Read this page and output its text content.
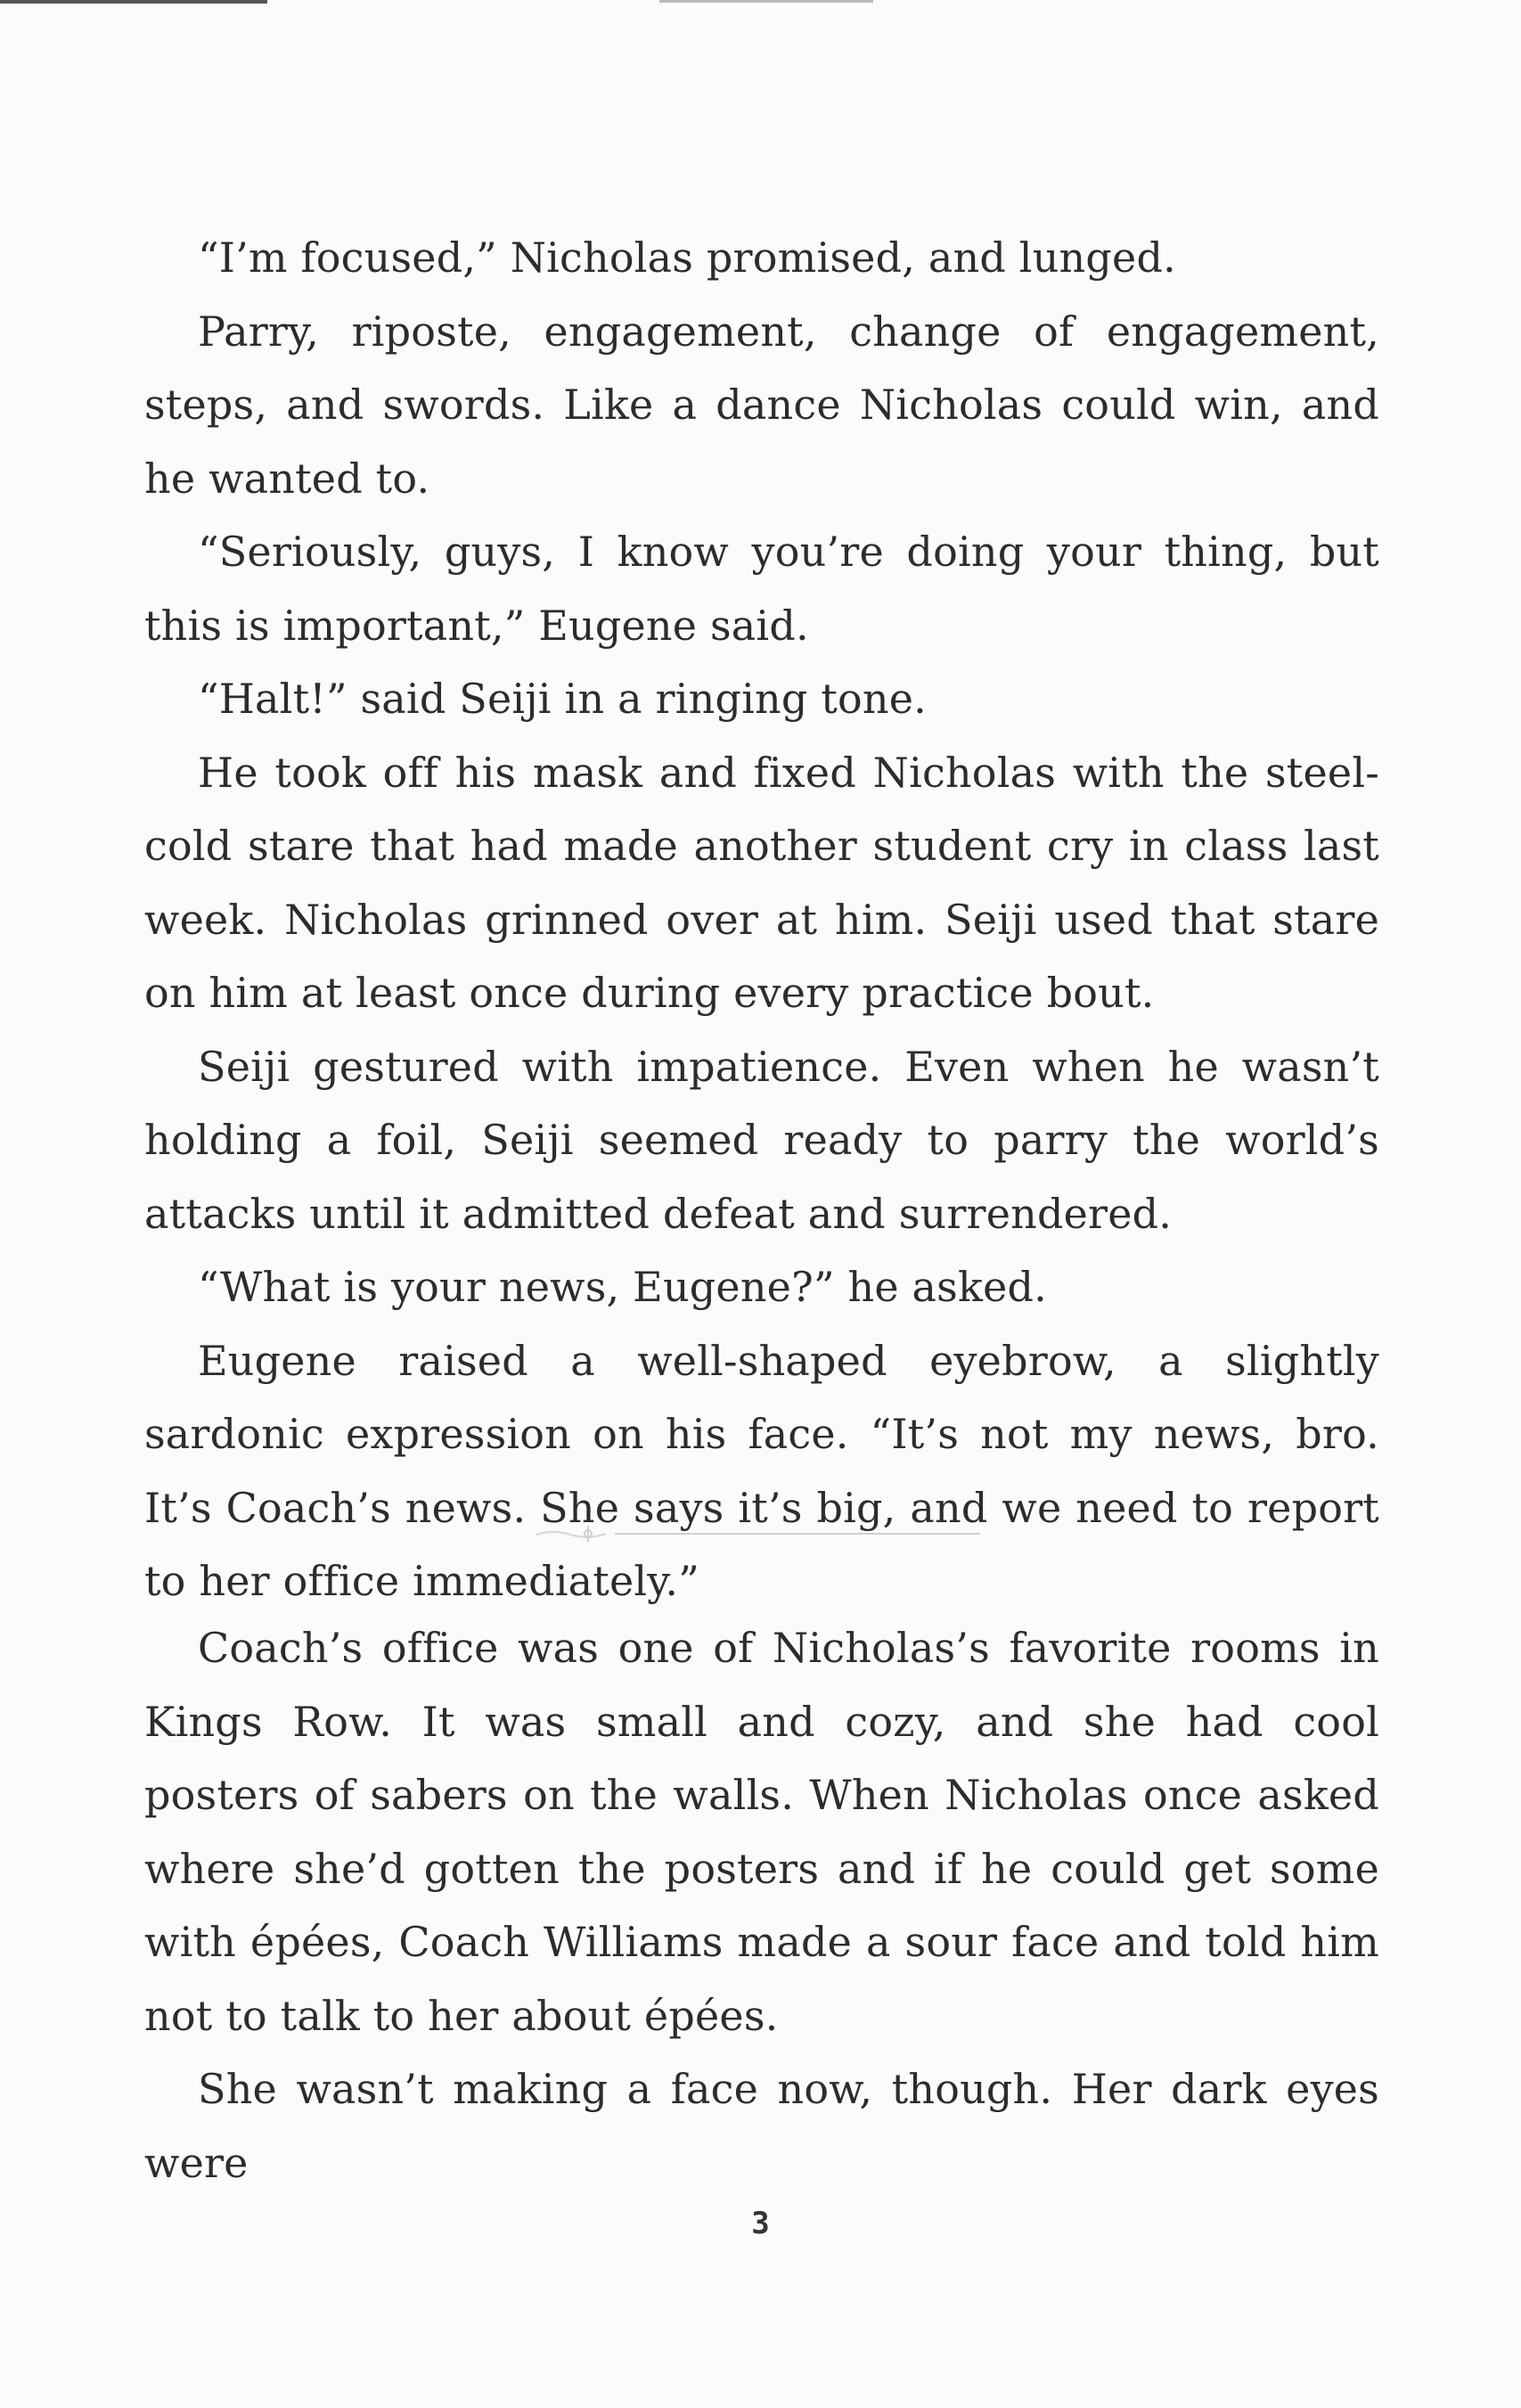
“I’m focused,” Nicholas promised, and lunged.

Parry, riposte, engagement, change of engagement, steps, and swords. Like a dance Nicholas could win, and he wanted to.

“Seriously, guys, I know you’re doing your thing, but this is important,” Eugene said.

“Halt!” said Seiji in a ringing tone.

He took off his mask and fixed Nicholas with the steel-cold stare that had made another student cry in class last week. Nicholas grinned over at him. Seiji used that stare on him at least once during every practice bout.

Seiji gestured with impatience. Even when he wasn’t holding a foil, Seiji seemed ready to parry the world’s attacks until it admitted defeat and surrendered.

“What is your news, Eugene?” he asked.

Eugene raised a well-shaped eyebrow, a slightly sardonic expression on his face. “It’s not my news, bro. It’s Coach’s news. She says it’s big, and we need to report to her office immediately.”

Coach’s office was one of Nicholas’s favorite rooms in Kings Row. It was small and cozy, and she had cool posters of sabers on the walls. When Nicholas once asked where she’d gotten the posters and if he could get some with épées, Coach Williams made a sour face and told him not to talk to her about épées.

She wasn’t making a face now, though. Her dark eyes were

3
